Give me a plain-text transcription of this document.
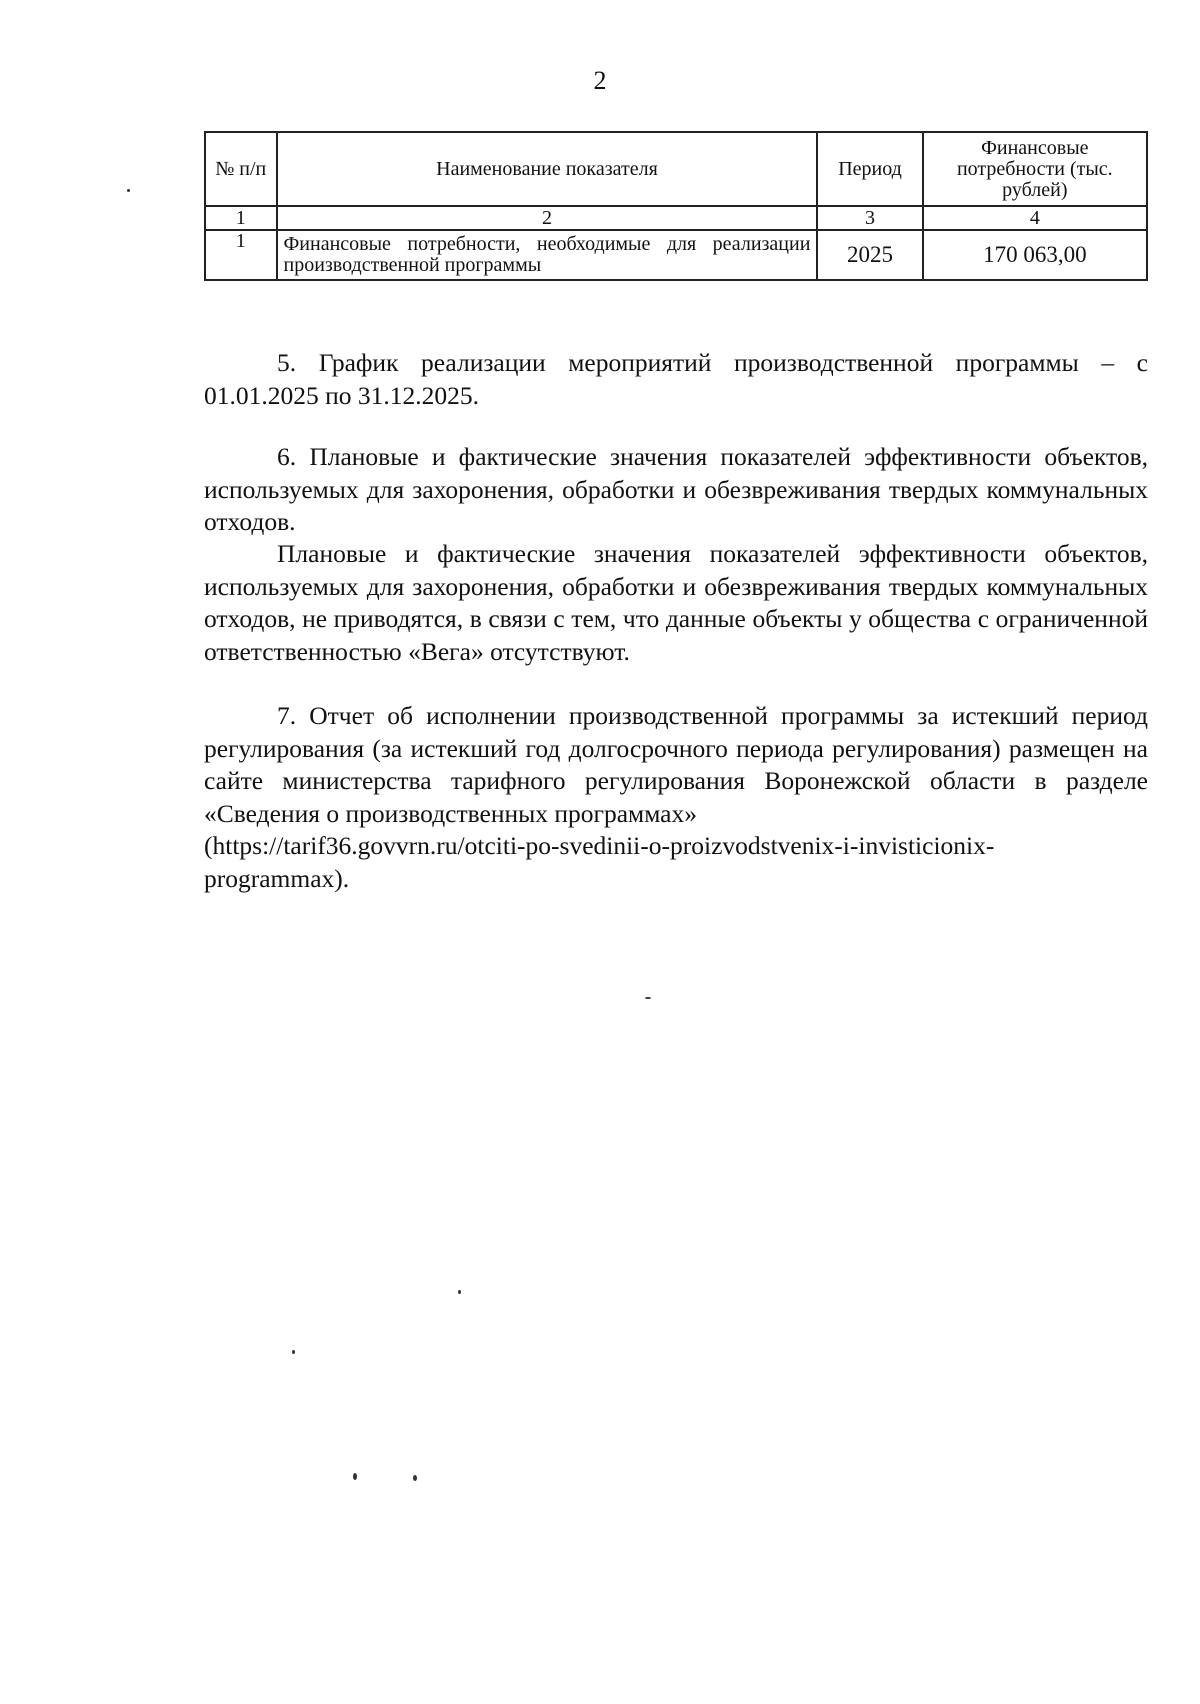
2
№ п/п	Наименование показателя	Период	Финансовые потребности (тыс. рублей)
1	2	3	4
1	Финансовые потребности, необходимые для реализации производственной программы	2025	170 063,00

5. График реализации мероприятий производственной программы – с 01.01.2025 по 31.12.2025.

6. Плановые и фактические значения показателей эффективности объектов, используемых для захоронения, обработки и обезвреживания твердых коммунальных отходов.

Плановые и фактические значения показателей эффективности объектов, используемых для захоронения, обработки и обезвреживания твердых коммунальных отходов, не приводятся, в связи с тем, что данные объекты у общества с ограниченной ответственностью «Вега» отсутствуют.

7. Отчет об исполнении производственной программы за истекший период регулирования (за истекший год долгосрочного периода регулирования) размещен на сайте министерства тарифного регулирования Воронежской области в разделе «Сведения о производственных программах»
(https://tarif36.govvrn.ru/otciti-po-svedinii-o-proizvodstvenix-i-invisticionix-
programmax).
